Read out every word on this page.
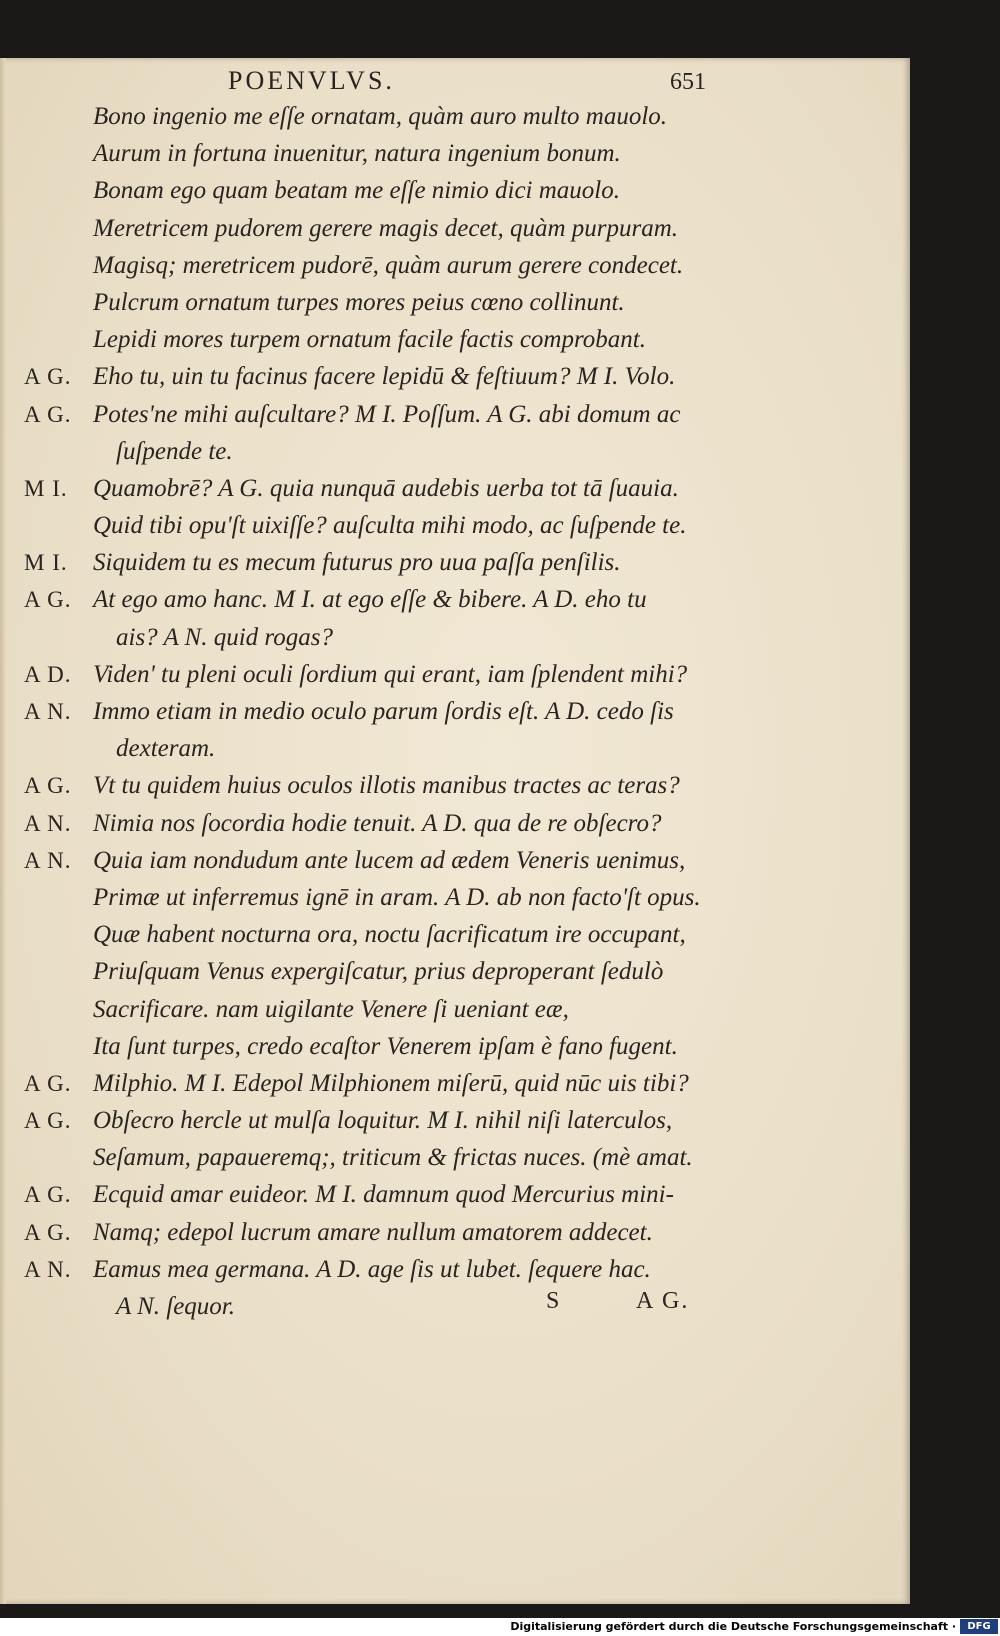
POENVLVS.	651
Bono ingenio me eſſe ornatam, quàm auro multo mauolo.
Aurum in fortuna inuenitur, natura ingenium bonum.
Bonam ego quam beatam me eſſe nimio dici mauolo.
Meretricem pudorem gerere magis decet, quàm purpuram.
Magisq; meretricem pudorē, quàm aurum gerere condecet.
Pulcrum ornatum turpes mores peius cœno collinunt.
Lepidi mores turpem ornatum facile factis comprobant.
A G. Eho tu, uin tu facinus facere lepidū & feſtiuum? M I. Volo.
A G. Potes'ne mihi auſcultare? M I. Poſſum. A G. abi domum ac
ſuſpende te.
M I. Quamobrē? A G. quia nunquā audebis uerba tot tā ſuauia.
Quid tibi opu'ſt uixiſſe? auſculta mihi modo, ac ſuſpende te.
M I. Siquidem tu es mecum futurus pro uua paſſa penſilis.
A G. At ego amo hanc. M I. at ego eſſe & bibere. A D. eho tu
ais? A N. quid rogas?
A D. Viden' tu pleni oculi ſordium qui erant, iam ſplendent mihi?
A N. Immo etiam in medio oculo parum ſordis eſt. A D. cedo ſis
dexteram.
A G. Vt tu quidem huius oculos illotis manibus tractes ac teras?
A N. Nimia nos ſocordia hodie tenuit. A D. qua de re obſecro?
A N. Quia iam nondudum ante lucem ad ædem Veneris uenimus,
Primæ ut inferremus ignē in aram. A D. ab non facto'ſt opus.
Quæ habent nocturna ora, noctu ſacrificatum ire occupant,
Priuſquam Venus expergiſcatur, prius deproperant ſedulò
Sacrificare. nam uigilante Venere ſi ueniant eæ,
Ita ſunt turpes, credo ecaſtor Venerem ipſam è fano fugent.
A G. Milphio. M I. Edepol Milphionem miſerū, quid nūc uis tibi?
A G. Obſecro hercle ut mulſa loquitur. M I. nihil niſi laterculos,
Seſamum, papaueremq;, triticum & frictas nuces. (mè amat.
A G. Ecquid amar euideor. M I. damnum quod Mercurius mini-
A G. Namq; edepol lucrum amare nullum amatorem addecet.
A N. Eamus mea germana. A D. age ſis ut lubet. ſequere hac.
A N. ſequor.	S	A G.
Digitalisierung gefördert durch die Deutsche Forschungsgemeinschaft ·	DFG
